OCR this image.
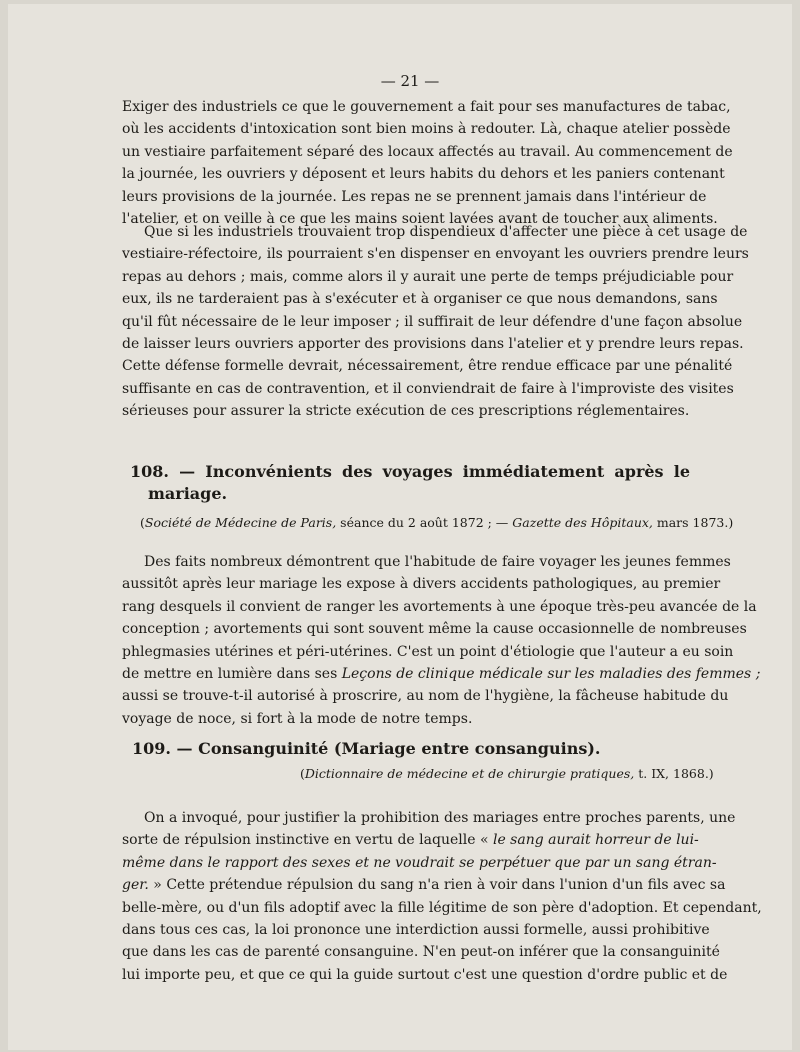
— 21 —
Exiger des industriels ce que le gouvernement a fait pour ses manufactures de tabac,
où les accidents d'intoxication sont bien moins à redouter. Là, chaque atelier possède
un vestiaire parfaitement séparé des locaux affectés au travail. Au commencement de
la journée, les ouvriers y déposent et leurs habits du dehors et les paniers contenant
leurs provisions de la journée. Les repas ne se prennent jamais dans l'intérieur de
l'atelier, et on veille à ce que les mains soient lavées avant de toucher aux aliments.
Que si les industriels trouvaient trop dispendieux d'affecter une pièce à cet usage de
vestiaire-réfectoire, ils pourraient s'en dispenser en envoyant les ouvriers prendre leurs
repas au dehors ; mais, comme alors il y aurait une perte de temps préjudiciable pour
eux, ils ne tarderaient pas à s'exécuter et à organiser ce que nous demandons, sans
qu'il fût nécessaire de le leur imposer ; il suffirait de leur défendre d'une façon absolue
de laisser leurs ouvriers apporter des provisions dans l'atelier et y prendre leurs repas.
Cette défense formelle devrait, nécessairement, être rendue efficace par une pénalité
suffisante en cas de contravention, et il conviendrait de faire à l'improviste des visites
sérieuses pour assurer la stricte exécution de ces prescriptions réglementaires.
108. — Inconvénients des voyages immédiatement après le
mariage.
(Société de Médecine de Paris, séance du 2 août 1872 ; — Gazette des Hôpitaux, mars 1873.)
Des faits nombreux démontrent que l'habitude de faire voyager les jeunes femmes
aussitôt après leur mariage les expose à divers accidents pathologiques, au premier
rang desquels il convient de ranger les avortements à une époque très-peu avancée de la
conception ; avortements qui sont souvent même la cause occasionnelle de nombreuses
phlegmasies utérines et péri-utérines. C'est un point d'étiologie que l'auteur a eu soin
de mettre en lumière dans ses Leçons de clinique médicale sur les maladies des femmes ;
aussi se trouve-t-il autorisé à proscrire, au nom de l'hygiène, la fâcheuse habitude du
voyage de noce, si fort à la mode de notre temps.
109. — Consanguinité (Mariage entre consanguins).
(Dictionnaire de médecine et de chirurgie pratiques, t. IX, 1868.)
On a invoqué, pour justifier la prohibition des mariages entre proches parents, une
sorte de répulsion instinctive en vertu de laquelle « le sang aurait horreur de lui-
même dans le rapport des sexes et ne voudrait se perpétuer que par un sang étran-
ger. » Cette prétendue répulsion du sang n'a rien à voir dans l'union d'un fils avec sa
belle-mère, ou d'un fils adoptif avec la fille légitime de son père d'adoption. Et cependant,
dans tous ces cas, la loi prononce une interdiction aussi formelle, aussi prohibitive
que dans les cas de parenté consanguine. N'en peut-on inférer que la consanguinité
lui importe peu, et que ce qui la guide surtout c'est une question d'ordre public et de
